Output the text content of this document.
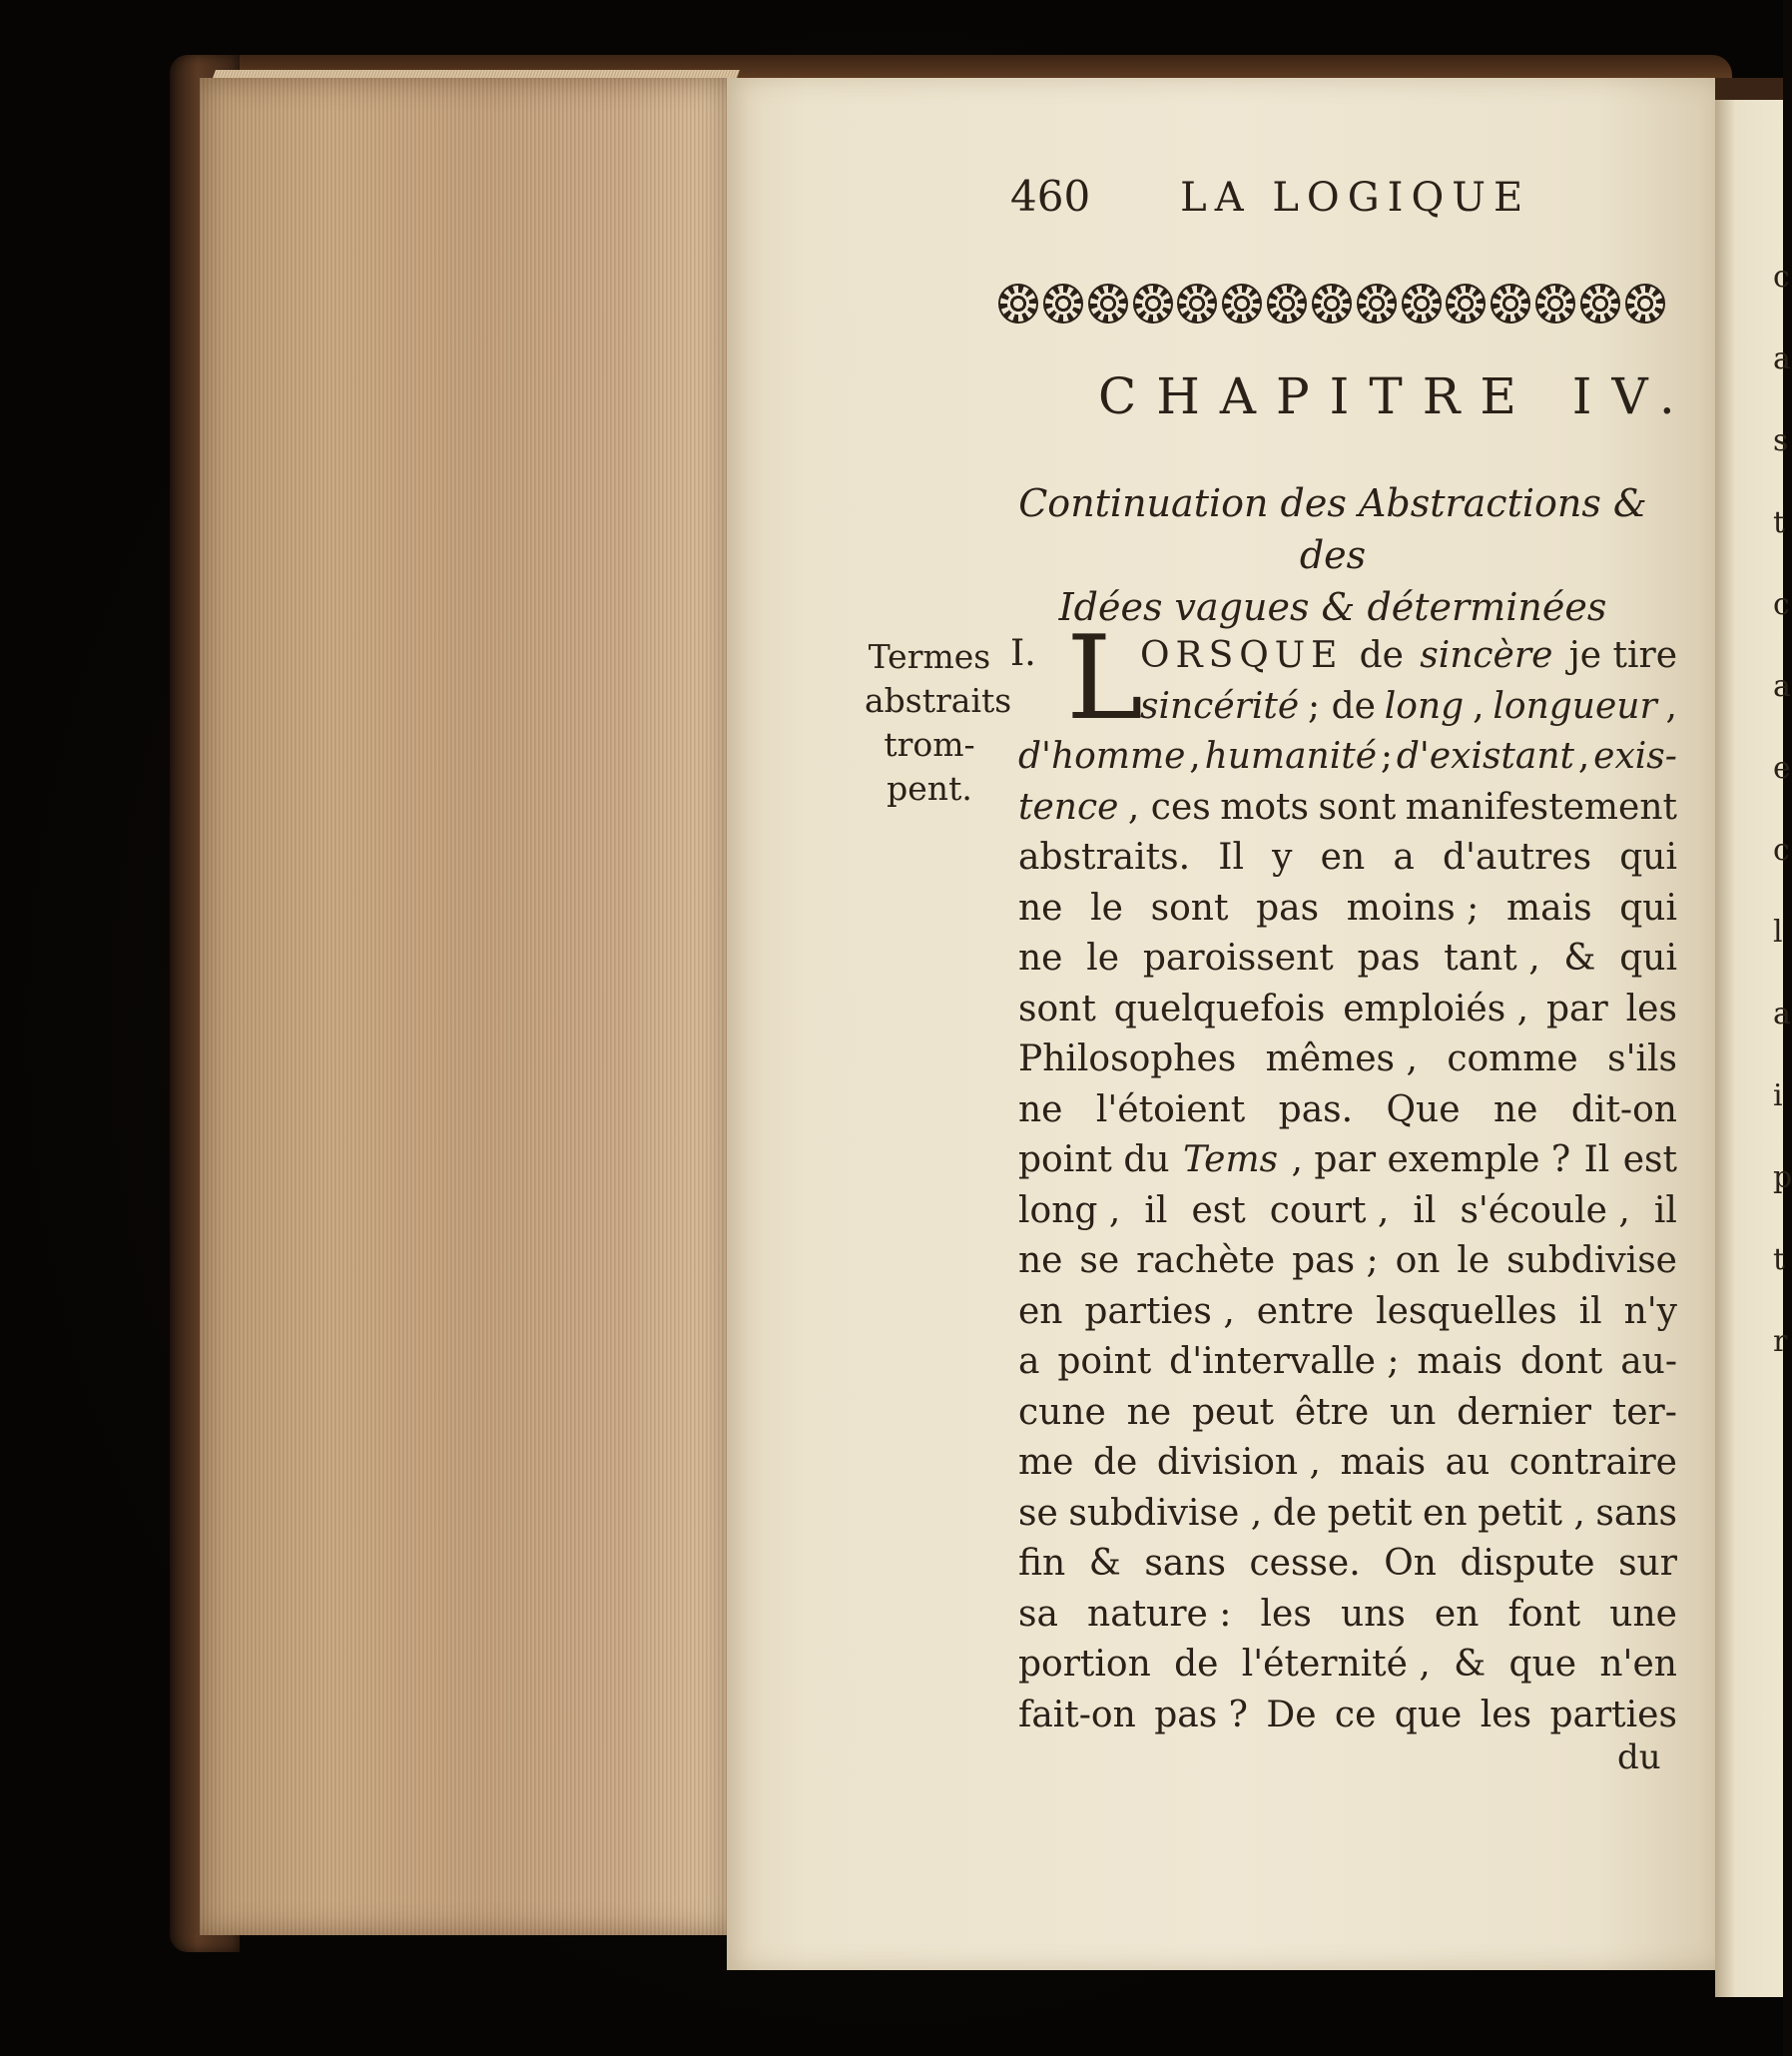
c
a
s
t
c
a
e
c
l
a
i
p
t
r
460 LA LOGIQUE
CHAPITRE IV.
Continuation des Abstractions & des
Idées vagues & déterminées
Termes
abstraits
trom-
pent.
I. L
ORSQUE de sincère je tire
sincérité ; de long , longueur ,
d'homme , humanité ; d'existant , exis-
tence , ces mots sont manifestement
abstraits. Il y en a d'autres qui
ne le sont pas moins ; mais qui
ne le paroissent pas tant , & qui
sont quelquefois emploiés , par les
Philosophes mêmes , comme s'ils
ne l'étoient pas. Que ne dit-on
point du Tems , par exemple ? Il est
long , il est court , il s'écoule , il
ne se rachète pas ; on le subdivise
en parties , entre lesquelles il n'y
a point d'intervalle ; mais dont au-
cune ne peut être un dernier ter-
me de division , mais au contraire
se subdivise , de petit en petit , sans
fin & sans cesse. On dispute sur
sa nature : les uns en font une
portion de l'éternité , & que n'en
fait-on pas ? De ce que les parties
du
